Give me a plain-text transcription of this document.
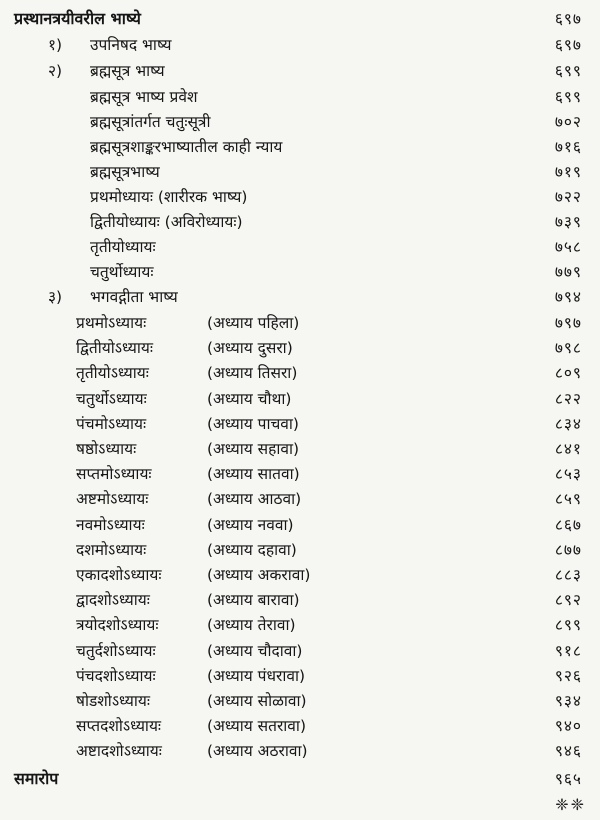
प्रस्थानत्रयीवरील भाष्ये	६९७
१) उपनिषद भाष्य	६९७
२) ब्रह्मसूत्र भाष्य	६९९
ब्रह्मसूत्र भाष्य प्रवेश	६९९
ब्रह्मसूत्रांतर्गत चतुःसूत्री	७०२
ब्रह्मसूत्रशाङ्करभाष्यातील काही न्याय	७१६
ब्रह्मसूत्रभाष्य	७१९
प्रथमोध्यायः (शारीरक भाष्य)	७२२
द्वितीयोध्यायः (अविरोध्यायः)	७३९
तृतीयोध्यायः	७५८
चतुर्थोध्यायः	७७९
३) भगवद्गीता भाष्य	७९४
प्रथमोऽध्यायः	(अध्याय पहिला)	७९७
द्वितीयोऽध्यायः	(अध्याय दुसरा)	७९८
तृतीयोऽध्यायः	(अध्याय तिसरा)	८०९
चतुर्थोऽध्यायः	(अध्याय चौथा)	८२२
पंचमोऽध्यायः	(अध्याय पाचवा)	८३४
षष्ठोऽध्यायः	(अध्याय सहावा)	८४१
सप्तमोऽध्यायः	(अध्याय सातवा)	८५३
अष्टमोऽध्यायः	(अध्याय आठवा)	८५९
नवमोऽध्यायः	(अध्याय नववा)	८६७
दशमोऽध्यायः	(अध्याय दहावा)	८७७
एकादशोऽध्यायः	(अध्याय अकरावा)	८८३
द्वादशोऽध्यायः	(अध्याय बारावा)	८९२
त्रयोदशोऽध्यायः	(अध्याय तेरावा)	८९९
चतुर्दशोऽध्यायः	(अध्याय चौदावा)	९१८
पंचदशोऽध्यायः	(अध्याय पंधरावा)	९२६
षोडशोऽध्यायः	(अध्याय सोळावा)	९३४
सप्तदशोऽध्यायः	(अध्याय सतरावा)	९४०
अष्टादशोऽध्यायः	(अध्याय अठरावा)	९४६
समारोप	९६५
❈❈
